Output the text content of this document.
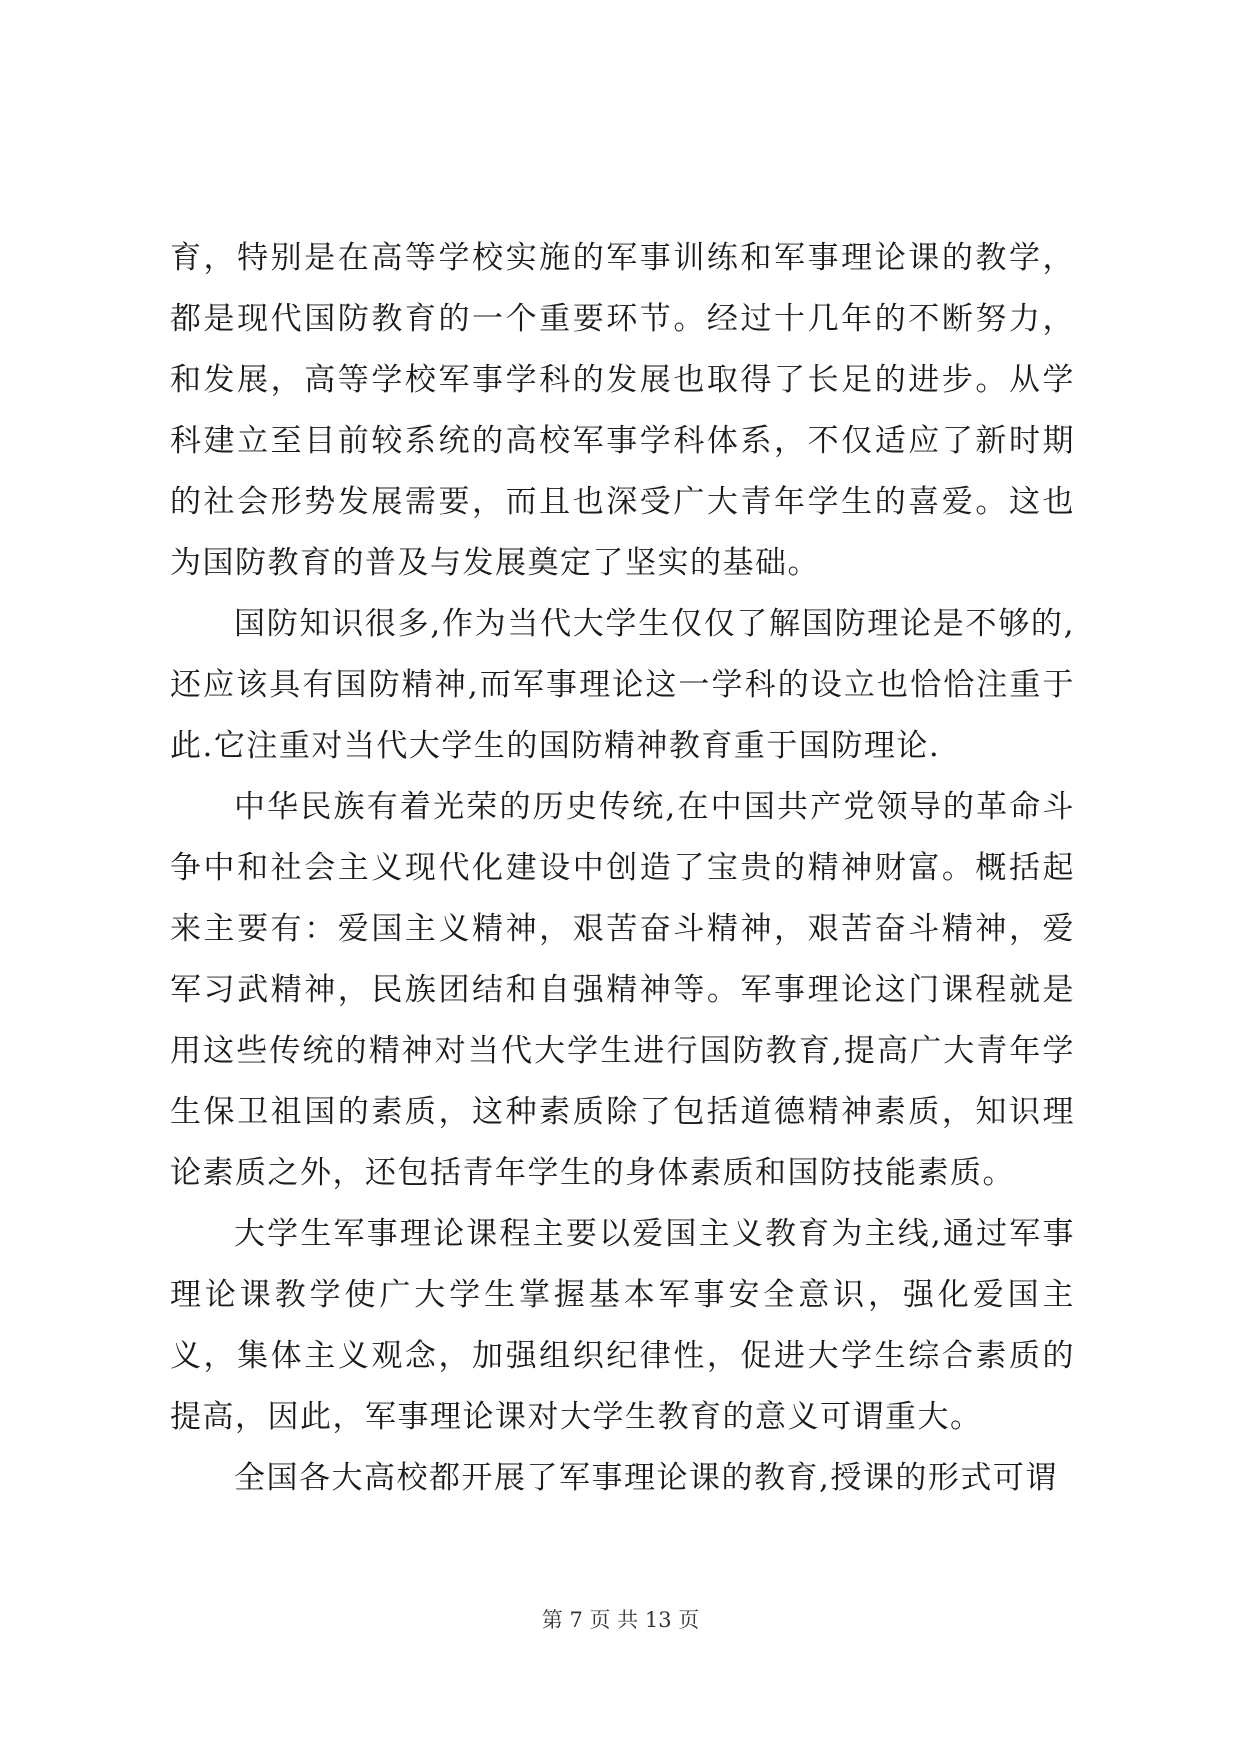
育，特别是在高等学校实施的军事训练和军事理论课的教学，都是现代国防教育的一个重要环节。经过十几年的不断努力，和发展，高等学校军事学科的发展也取得了长足的进步。从学科建立至目前较系统的高校军事学科体系，不仅适应了新时期的社会形势发展需要，而且也深受广大青年学生的喜爱。这也为国防教育的普及与发展奠定了坚实的基础。

国防知识很多,作为当代大学生仅仅了解国防理论是不够的,还应该具有国防精神,而军事理论这一学科的设立也恰恰注重于此.它注重对当代大学生的国防精神教育重于国防理论.

中华民族有着光荣的历史传统,在中国共产党领导的革命斗争中和社会主义现代化建设中创造了宝贵的精神财富。概括起来主要有：爱国主义精神，艰苦奋斗精神，艰苦奋斗精神，爱军习武精神，民族团结和自强精神等。军事理论这门课程就是用这些传统的精神对当代大学生进行国防教育,提高广大青年学生保卫祖国的素质，这种素质除了包括道德精神素质，知识理论素质之外，还包括青年学生的身体素质和国防技能素质。

大学生军事理论课程主要以爱国主义教育为主线,通过军事理论课教学使广大学生掌握基本军事安全意识，强化爱国主义，集体主义观念，加强组织纪律性，促进大学生综合素质的提高，因此，军事理论课对大学生教育的意义可谓重大。

全国各大高校都开展了军事理论课的教育,授课的形式可谓

第 7 页 共 13 页
